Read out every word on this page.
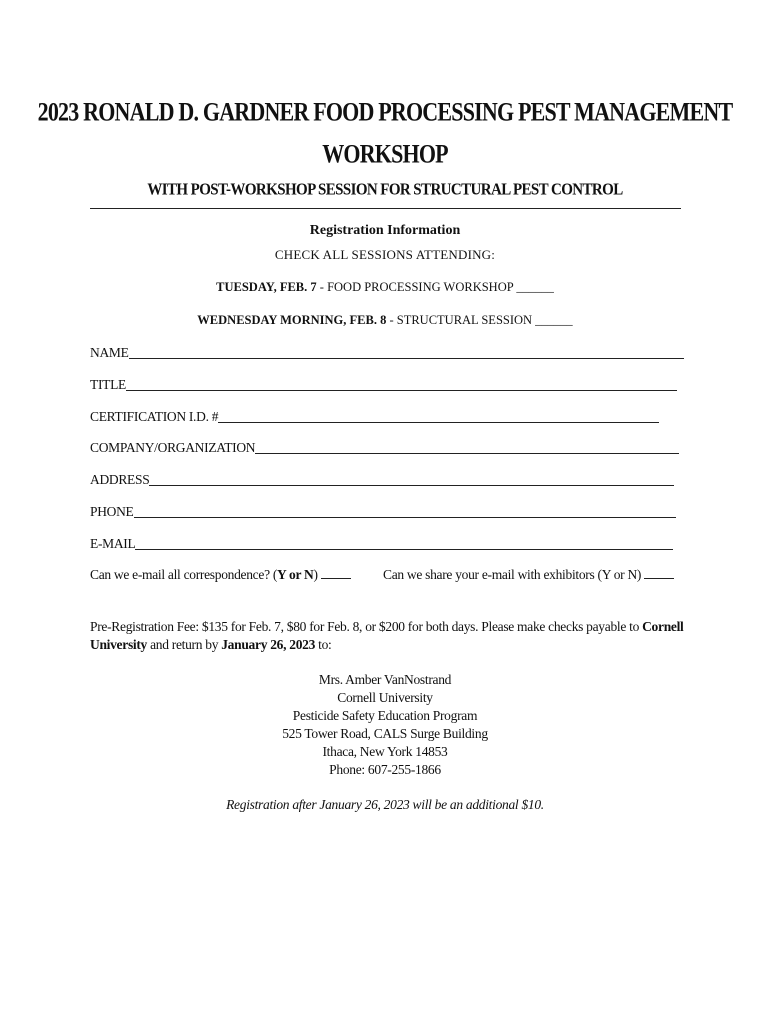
2023 RONALD D. GARDNER FOOD PROCESSING PEST MANAGEMENT
WORKSHOP
WITH POST-WORKSHOP SESSION FOR STRUCTURAL PEST CONTROL
Registration Information
CHECK ALL SESSIONS ATTENDING:
TUESDAY, FEB. 7 - FOOD PROCESSING WORKSHOP ______
WEDNESDAY MORNING, FEB. 8 - STRUCTURAL SESSION ______
NAME
TITLE
CERTIFICATION I.D. #
COMPANY/ORGANIZATION
ADDRESS
PHONE
E-MAIL
Can we e-mail all correspondence? (Y or N)	Can we share your e-mail with exhibitors (Y or N)
Pre-Registration Fee: $135 for Feb. 7, $80 for Feb. 8, or $200 for both days. Please make checks payable to Cornell University and return by January 26, 2023 to:
Mrs. Amber VanNostrand
Cornell University
Pesticide Safety Education Program
525 Tower Road, CALS Surge Building
Ithaca, New York 14853
Phone: 607-255-1866
Registration after January 26, 2023 will be an additional $10.
